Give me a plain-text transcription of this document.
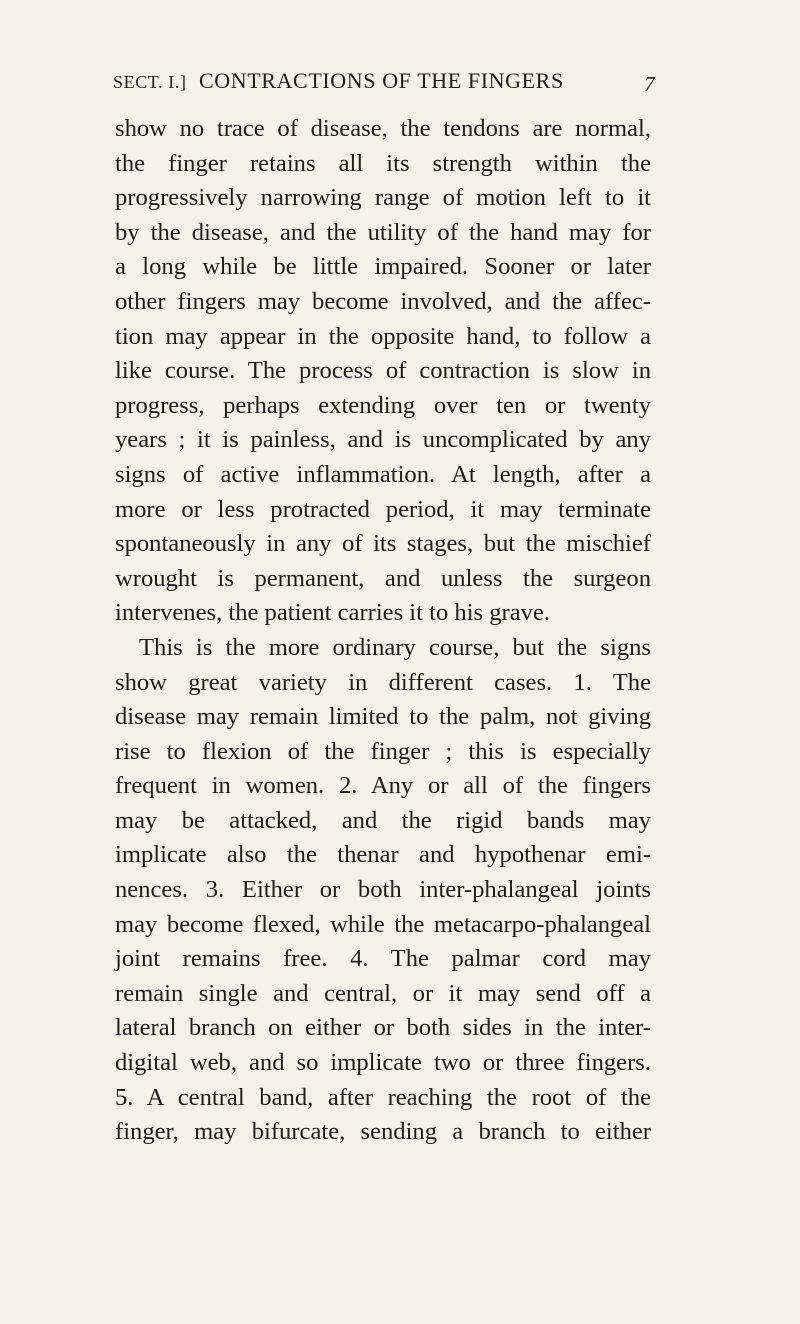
SECT. I.] CONTRACTIONS OF THE FINGERS	7
show no trace of disease, the tendons are normal,
the finger retains all its strength within the
progressively narrowing range of motion left to it
by the disease, and the utility of the hand may for
a long while be little impaired. Sooner or later
other fingers may become involved, and the affec-
tion may appear in the opposite hand, to follow a
like course. The process of contraction is slow in
progress, perhaps extending over ten or twenty
years ; it is painless, and is uncomplicated by any
signs of active inflammation. At length, after a
more or less protracted period, it may terminate
spontaneously in any of its stages, but the mischief
wrought is permanent, and unless the surgeon
intervenes, the patient carries it to his grave.
This is the more ordinary course, but the signs
show great variety in different cases. 1. The
disease may remain limited to the palm, not giving
rise to flexion of the finger ; this is especially
frequent in women. 2. Any or all of the fingers
may be attacked, and the rigid bands may
implicate also the thenar and hypothenar emi-
nences. 3. Either or both inter-phalangeal joints
may become flexed, while the metacarpo-phalangeal
joint remains free. 4. The palmar cord may
remain single and central, or it may send off a
lateral branch on either or both sides in the inter-
digital web, and so implicate two or three fingers.
5. A central band, after reaching the root of the
finger, may bifurcate, sending a branch to either
